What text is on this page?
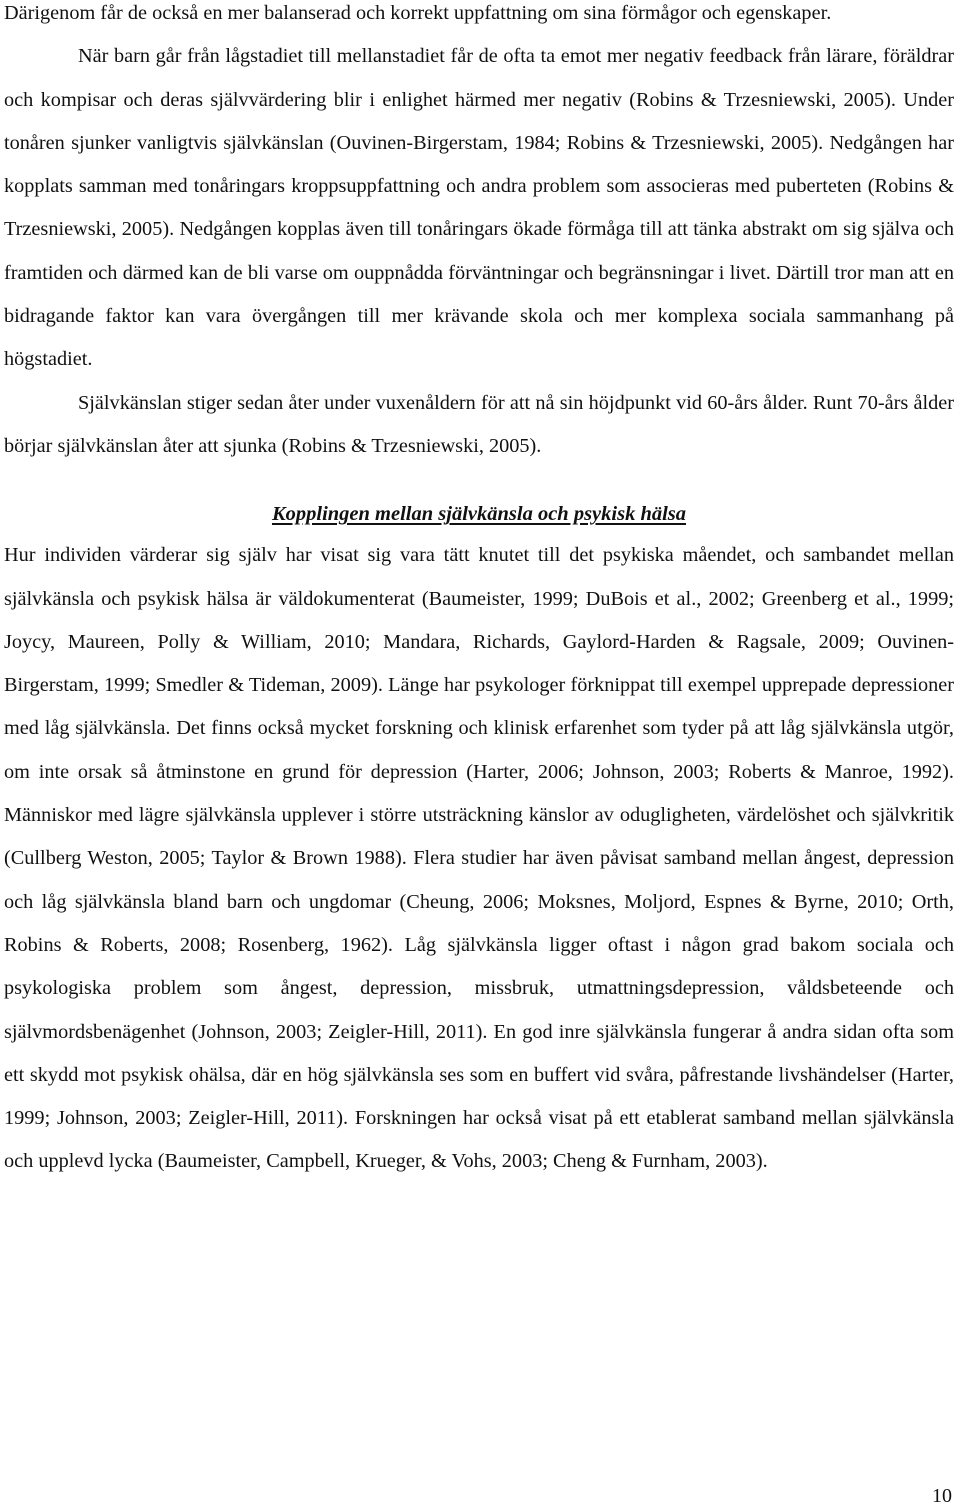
Därigenom får de också en mer balanserad och korrekt uppfattning om sina förmågor och egenskaper.

När barn går från lågstadiet till mellanstadiet får de ofta ta emot mer negativ feedback från lärare, föräldrar och kompisar och deras självvärdering blir i enlighet härmed mer negativ (Robins & Trzesniewski, 2005). Under tonåren sjunker vanligtvis självkänslan (Ouvinen-Birgerstam, 1984; Robins & Trzesniewski, 2005). Nedgången har kopplats samman med tonåringars kroppsuppfattning och andra problem som associeras med puberteten (Robins & Trzesniewski, 2005). Nedgången kopplas även till tonåringars ökade förmåga till att tänka abstrakt om sig själva och framtiden och därmed kan de bli varse om ouppnådda förväntningar och begränsningar i livet. Därtill tror man att en bidragande faktor kan vara övergången till mer krävande skola och mer komplexa sociala sammanhang på högstadiet.

Självkänslan stiger sedan åter under vuxenåldern för att nå sin höjdpunkt vid 60-års ålder. Runt 70-års ålder börjar självkänslan åter att sjunka (Robins & Trzesniewski, 2005).

Kopplingen mellan självkänsla och psykisk hälsa

Hur individen värderar sig själv har visat sig vara tätt knutet till det psykiska måendet, och sambandet mellan självkänsla och psykisk hälsa är väldokumenterat (Baumeister, 1999; DuBois et al., 2002; Greenberg et al., 1999; Joycy, Maureen, Polly & William, 2010; Mandara, Richards, Gaylord-Harden & Ragsale, 2009; Ouvinen-Birgerstam, 1999; Smedler & Tideman, 2009). Länge har psykologer förknippat till exempel upprepade depressioner med låg självkänsla. Det finns också mycket forskning och klinisk erfarenhet som tyder på att låg självkänsla utgör, om inte orsak så åtminstone en grund för depression (Harter, 2006; Johnson, 2003; Roberts & Manroe, 1992). Människor med lägre självkänsla upplever i större utsträckning känslor av odugligheten, värdelöshet och självkritik (Cullberg Weston, 2005; Taylor & Brown 1988). Flera studier har även påvisat samband mellan ångest, depression och låg självkänsla bland barn och ungdomar (Cheung, 2006; Moksnes, Moljord, Espnes & Byrne, 2010; Orth, Robins & Roberts, 2008; Rosenberg, 1962). Låg självkänsla ligger oftast i någon grad bakom sociala och psykologiska problem som ångest, depression, missbruk, utmattningsdepression, våldsbeteende och självmordsbenägenhet (Johnson, 2003; Zeigler-Hill, 2011). En god inre självkänsla fungerar å andra sidan ofta som ett skydd mot psykisk ohälsa, där en hög självkänsla ses som en buffert vid svåra, påfrestande livshändelser (Harter, 1999; Johnson, 2003; Zeigler-Hill, 2011). Forskningen har också visat på ett etablerat samband mellan självkänsla och upplevd lycka (Baumeister, Campbell, Krueger, & Vohs, 2003; Cheng & Furnham, 2003).

10
